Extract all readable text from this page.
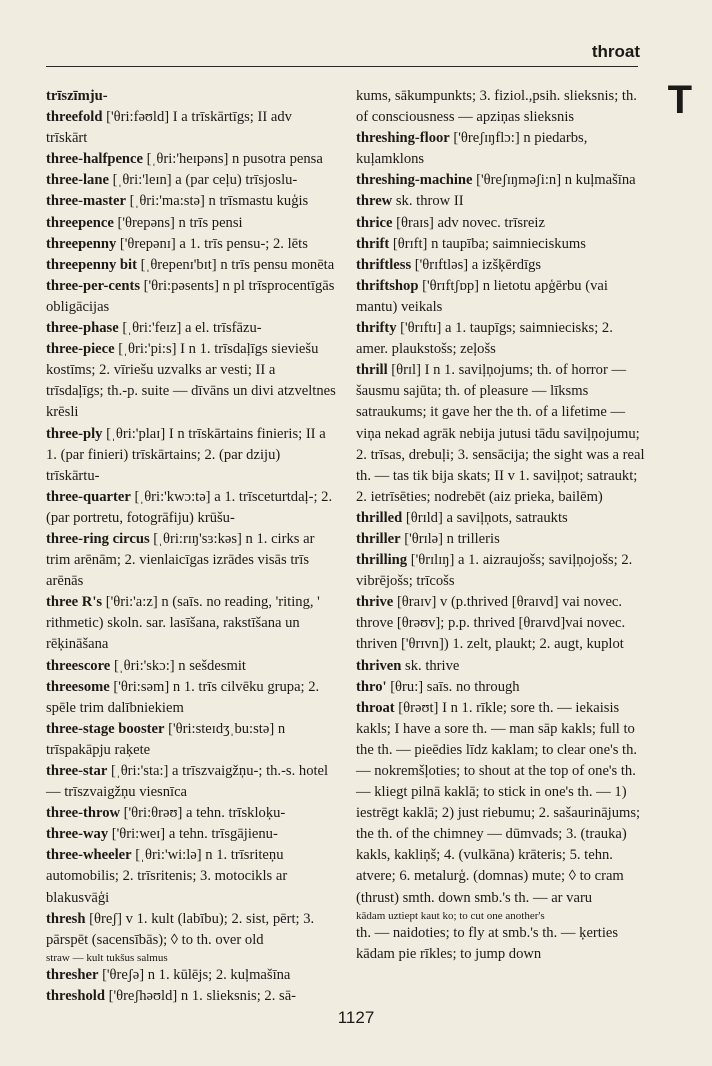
throat
T
trīszīmju-
threefold ['θri:fəʊld] I a trīskārtīgs; II adv trīskārt
three-halfpence [ˌθri:'heɪpəns] n pusotra pensa
three-lane [ˌθri:'leɪn] a (par ceļu) trīsjoslu-
three-master [ˌθri:'ma:stə] n trīsmastu kuģis
threepence ['θrepəns] n trīs pensi
threepenny ['θrepənɪ] a 1. trīs pensu-; 2. lēts
threepenny bit [ˌθrepenɪ'bɪt] n trīs pensu monēta
three-per-cents ['θri:pəsents] n pl trīsprocentīgās obligācijas
three-phase [ˌθri:'feɪz] a el. trīsfāzu-
three-piece [ˌθri:'pi:s] I n 1. trīsdaļīgs sieviešu kostīms; 2. vīriešu uzvalks ar vesti; II a trīsdaļīgs; th.-p. suite — dīvāns un divi atzveltnes krēsli
three-ply [ˌθri:'plaɪ] I n trīskārtains finieris; II a 1. (par finieri) trīskārtains; 2. (par dziju) trīskārtu-
three-quarter [ˌθri:'kwɔ:tə] a 1. trīsceturtdaļ-; 2. (par portretu, fotogrāfiju) krūšu-
three-ring circus [ˌθri:rɪŋ'sɜ:kəs] n 1. cirks ar trim arēnām; 2. vienlaicīgas izrādes visās trīs arēnās
three R's ['θri:'a:z] n (saīs. no reading, 'riting, ' rithmetic) skoln. sar. lasīšana, rakstīšana un rēķināšana
threescore [ˌθri:'skɔ:] n sešdesmit
threesome ['θri:səm] n 1. trīs cilvēku grupa; 2. spēle trim dalībniekiem
three-stage booster ['θri:steɪdʒˌbu:stə] n trīspakāpju raķete
three-star [ˌθri:'sta:] a trīszvaigžņu-; th.-s. hotel — trīszvaigžņu viesnīca
three-throw ['θri:θrəʊ] a tehn. trīskloķu-
three-way ['θri:weɪ] a tehn. trīsgājienu-
three-wheeler [ˌθri:'wi:lə] n 1. trīsriteņu automobilis; 2. trīsritenis; 3. motocikls ar blakusvāģi
thresh [θreʃ] v 1. kult (labību); 2. sist, pērt; 3. pārspēt (sacensībās); ◊ to th. over old
straw — kult tukšus salmus
thresher ['θreʃə] n 1. kūlējs; 2. kuļmašīna
threshold ['θreʃhəʊld] n 1. slieksnis; 2. sā-
kums, sākumpunkts; 3. fiziol.,psih. slieksnis; th. of consciousness — apziņas slieksnis
threshing-floor ['θreʃɪŋflɔ:] n piedarbs, kuļamklons
threshing-machine ['θreʃɪŋməʃi:n] n kuļmašīna
threw sk. throw II
thrice [θraɪs] adv novec. trīsreiz
thrift [θrɪft] n taupība; saimnieciskums
thriftless ['θrɪftləs] a izšķērdīgs
thriftshop ['θrɪftʃɒp] n lietotu apģērbu (vai mantu) veikals
thrifty ['θrɪftɪ] a 1. taupīgs; saimniecisks; 2. amer. plaukstošs; zeļošs
thrill [θrɪl] I n 1. saviļņojums; th. of horror — šausmu sajūta; th. of pleasure — līksms satraukums; it gave her the th. of a lifetime — viņa nekad agrāk nebija jutusi tādu saviļņojumu; 2. trīsas, drebuļi; 3. sensācija; the sight was a real th. — tas tik bija skats; II v 1. saviļņot; satraukt; 2. ietrīsēties; nodrebēt (aiz prieka, bailēm)
thrilled [θrɪld] a saviļņots, satraukts
thriller ['θrɪlə] n trilleris
thrilling ['θrɪlɪŋ] a 1. aizraujošs; saviļņojošs; 2. vibrējošs; trīcošs
thrive [θraɪv] v (p.thrived [θraɪvd] vai novec. throve [θrəʊv]; p.p. thrived [θraɪvd]vai novec. thriven ['θrɪvn]) 1. zelt, plaukt; 2. augt, kuplot
thriven sk. thrive
thro' [θru:] saīs. no through
throat [θrəʊt] I n 1. rīkle; sore th. — iekaisis kakls; I have a sore th. — man sāp kakls; full to the th. — pieēdies līdz kaklam; to clear one's th. — nokremšļoties; to shout at the top of one's th. — kliegt pilnā kaklā; to stick in one's th. — 1) iestrēgt kaklā; 2) just riebumu; 2. sašaurinājums; the th. of the chimney — dūmvads; 3. (trauka) kakls, kakliņš; 4. (vulkāna) krāteris; 5. tehn. atvere; 6. metalurģ. (domnas) mute; ◊ to cram (thrust) smth. down smb.'s th. — ar varu
kādam uztiept kaut ko; to cut one another's
th. — naidoties; to fly at smb.'s th. — ķerties kādam pie rīkles; to jump down
1127
